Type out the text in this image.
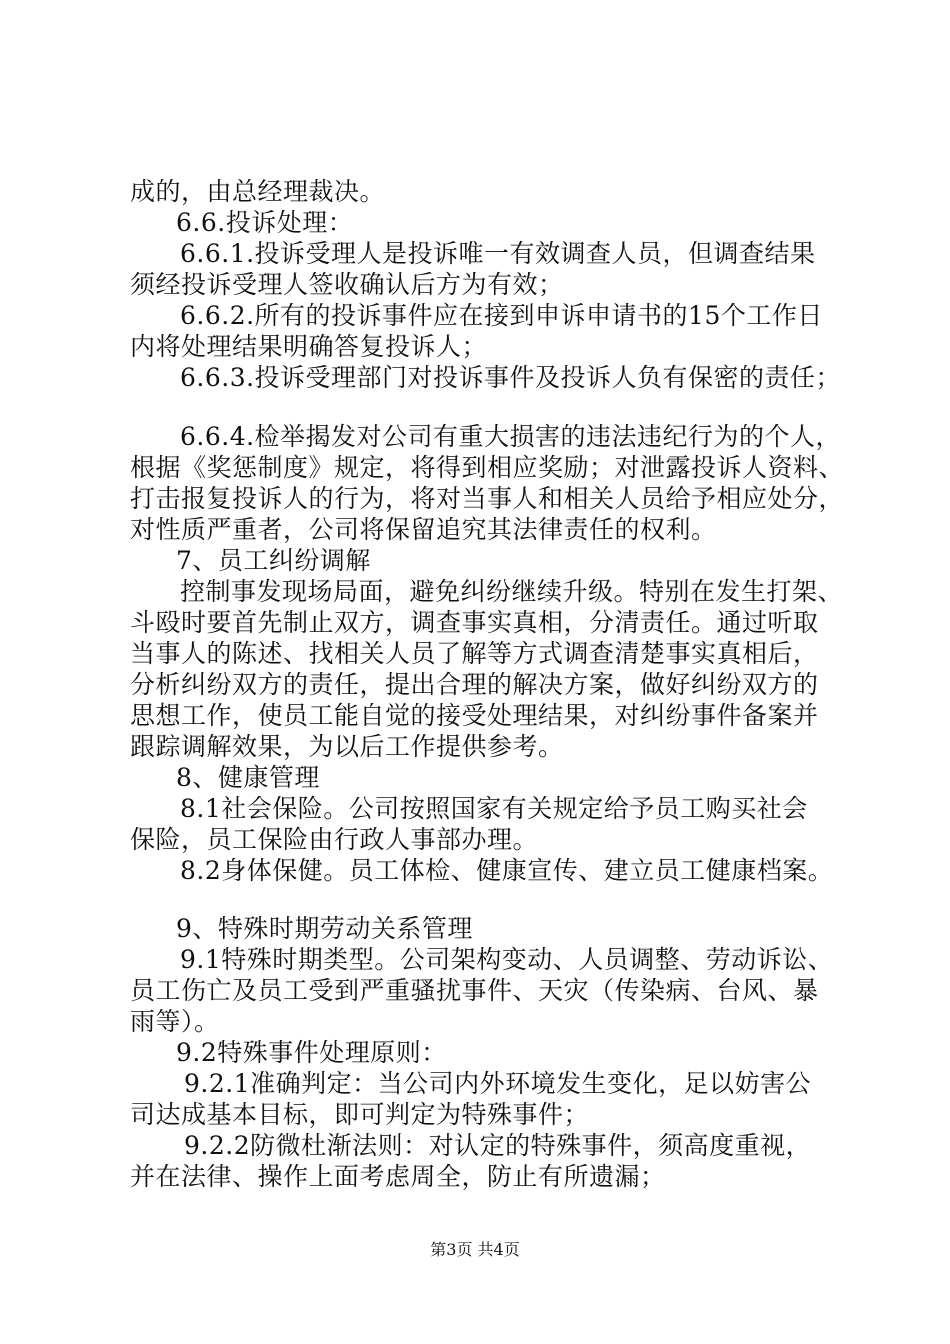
成的，由总经理裁决。
6.6.投诉处理：
6.6.1.投诉受理人是投诉唯一有效调查人员，但调查结果
须经投诉受理人签收确认后方为有效；
6.6.2.所有的投诉事件应在接到申诉申请书的15个工作日
内将处理结果明确答复投诉人；
6.6.3.投诉受理部门对投诉事件及投诉人负有保密的责任；
6.6.4.检举揭发对公司有重大损害的违法违纪行为的个人，
根据《奖惩制度》规定，将得到相应奖励；对泄露投诉人资料、
打击报复投诉人的行为，将对当事人和相关人员给予相应处分，
对性质严重者，公司将保留追究其法律责任的权利。
7、员工纠纷调解
控制事发现场局面，避免纠纷继续升级。特别在发生打架、
斗殴时要首先制止双方，调查事实真相，分清责任。通过听取
当事人的陈述、找相关人员了解等方式调查清楚事实真相后，
分析纠纷双方的责任，提出合理的解决方案，做好纠纷双方的
思想工作，使员工能自觉的接受处理结果，对纠纷事件备案并
跟踪调解效果，为以后工作提供参考。
8、健康管理
8.1社会保险。公司按照国家有关规定给予员工购买社会
保险，员工保险由行政人事部办理。
8.2身体保健。员工体检、健康宣传、建立员工健康档案。
9、特殊时期劳动关系管理
9.1特殊时期类型。公司架构变动、人员调整、劳动诉讼、
员工伤亡及员工受到严重骚扰事件、天灾（传染病、台风、暴
雨等）。
9.2特殊事件处理原则：
9.2.1准确判定：当公司内外环境发生变化，足以妨害公
司达成基本目标，即可判定为特殊事件；
9.2.2防微杜渐法则：对认定的特殊事件，须高度重视，
并在法律、操作上面考虑周全，防止有所遗漏；
第3页 共4页
